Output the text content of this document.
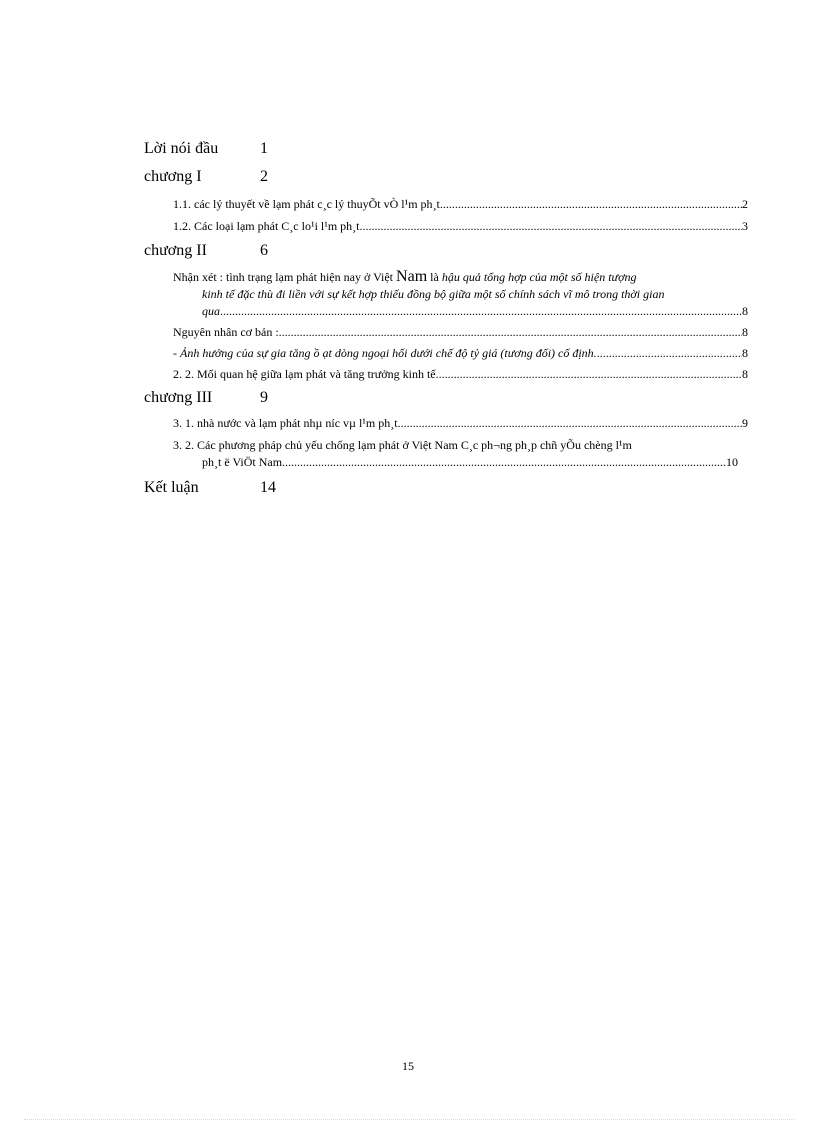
Lời nói đầu	1
chương I	2
1.1. các lý thuyết về lạm phát c¸c lý thuyÕt vÒ l¹m ph¸t .....	2
1.2. Các loại lạm phát C¸c lo¹i l¹m ph¸t .....	3
chương II	6
Nhận xét : tình trạng lạm phát hiện nay ở Việt Nam là hậu quả tổng hợp của một số hiện tượng
kinh tế đặc thù đi liền với sự kết hợp thiếu đồng bộ giữa một số chính sách vĩ mô trong thời gian
qua .....	8
Nguyên nhân cơ bản : .....	8
- Ảnh hưởng của sự gia tăng ồ ạt dòng ngoại hối dưới chế độ tỷ giá (tương đối) cố định. .....	8
2. 2. Mối quan hệ giữa lạm phát và tăng trưởng kinh tế. .....	8
chương III	9
3. 1. nhà nước và lạm phát nhµ níc vµ l¹m ph¸t .....	9
3. 2. Các phương pháp chủ yếu chống lạm phát ở Việt Nam C¸c ph¬ng ph¸p chñ yÕu chèng l¹m
ph¸t ë ViÖt Nam .....	10
Kết luận	14
15
